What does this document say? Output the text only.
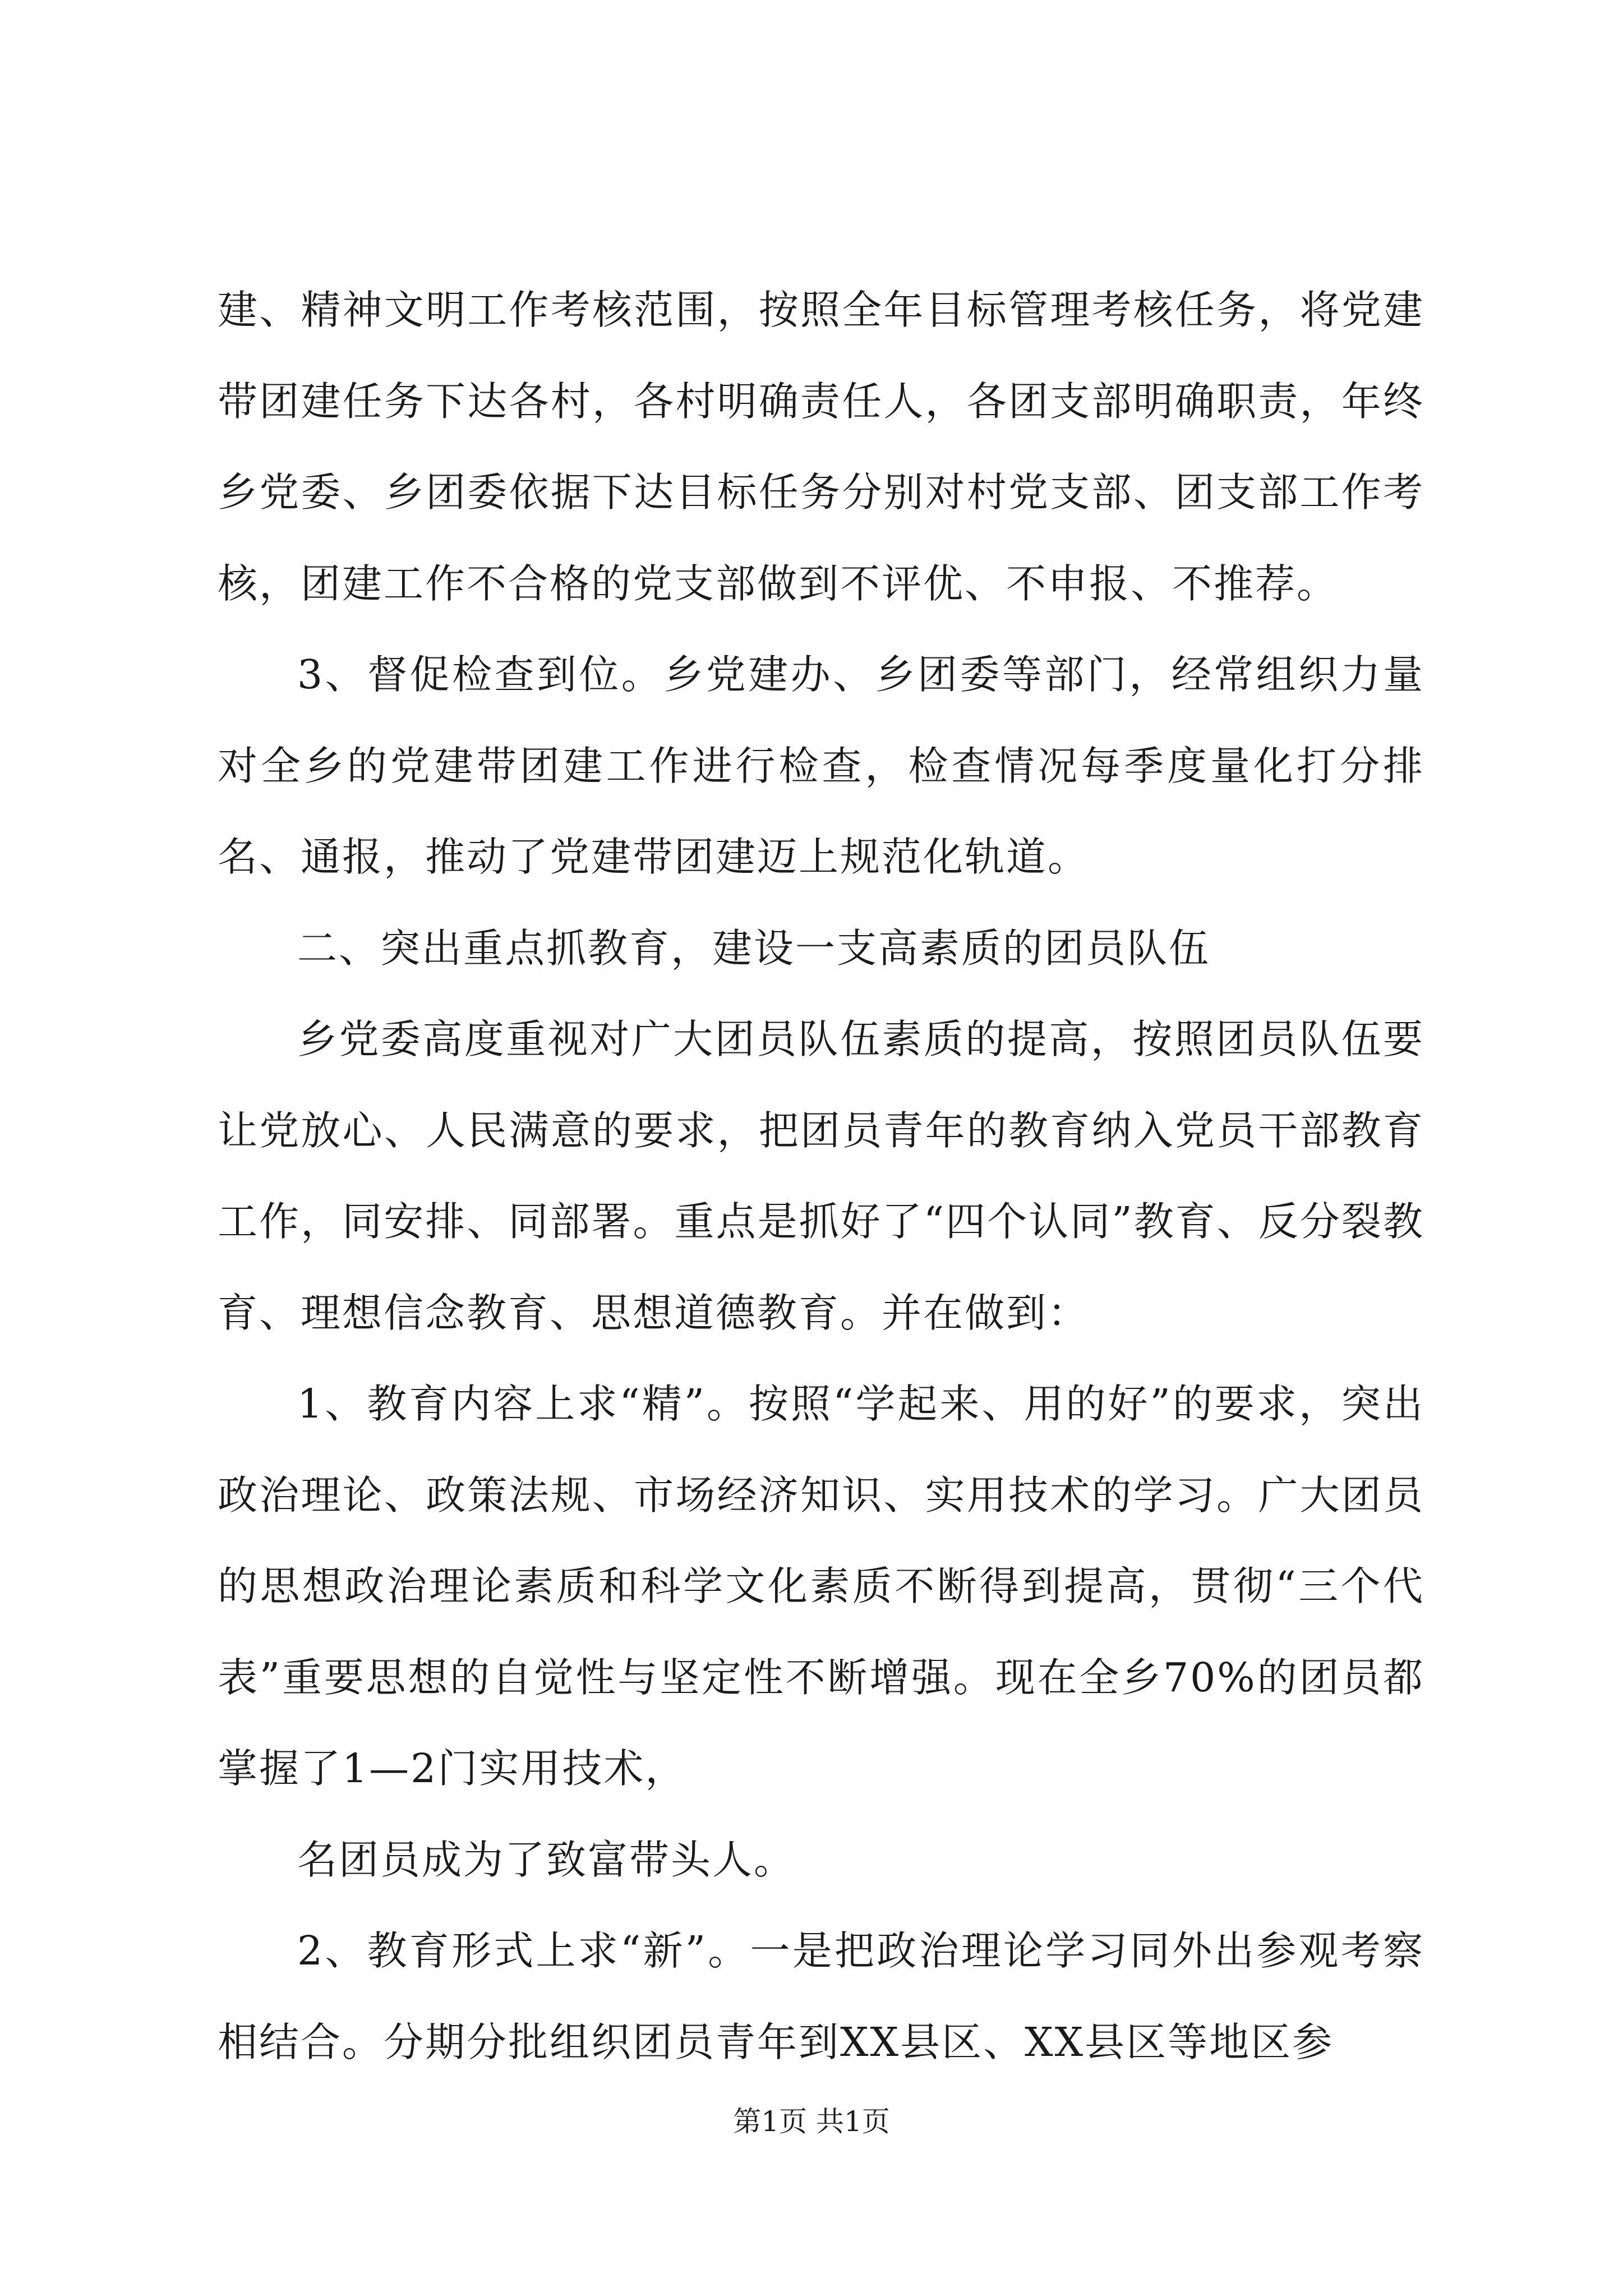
建、精神文明工作考核范围，按照全年目标管理考核任务，将党建带团建任务下达各村，各村明确责任人，各团支部明确职责，年终乡党委、乡团委依据下达目标任务分别对村党支部、团支部工作考核，团建工作不合格的党支部做到不评优、不申报、不推荐。

3、督促检查到位。乡党建办、乡团委等部门，经常组织力量对全乡的党建带团建工作进行检查，检查情况每季度量化打分排名、通报，推动了党建带团建迈上规范化轨道。

二、突出重点抓教育，建设一支高素质的团员队伍

乡党委高度重视对广大团员队伍素质的提高，按照团员队伍要让党放心、人民满意的要求，把团员青年的教育纳入党员干部教育工作，同安排、同部署。重点是抓好了“四个认同”教育、反分裂教育、理想信念教育、思想道德教育。并在做到：

1、教育内容上求“精”。按照“学起来、用的好”的要求，突出政治理论、政策法规、市场经济知识、实用技术的学习。广大团员的思想政治理论素质和科学文化素质不断得到提高，贯彻“三个代表”重要思想的自觉性与坚定性不断增强。现在全乡70%的团员都掌握了1—2门实用技术，

名团员成为了致富带头人。

2、教育形式上求“新”。一是把政治理论学习同外出参观考察相结合。分期分批组织团员青年到XX县区、XX县区等地区参

第1页 共1页
